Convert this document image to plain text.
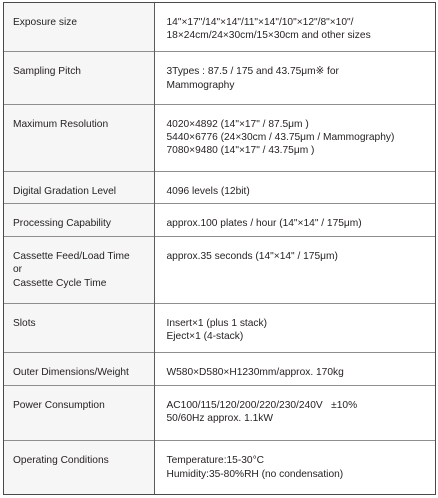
Exposure size	14"×17"/14"×14"/11"×14"/10"×12"/8"×10"/
18×24cm/24×30cm/15×30cm and other sizes

Sampling Pitch	3Types : 87.5 / 175 and 43.75μm※ for
Mammography

Maximum Resolution	4020×4892 (14"×17" / 87.5μm )
5440×6776 (24×30cm / 43.75μm / Mammography)
7080×9480 (14"×17" / 43.75μm )

Digital Gradation Level	4096 levels (12bit)

Processing Capability	approx.100 plates / hour (14"×14" / 175μm)

Cassette Feed/Load Time
or
Cassette Cycle Time	approx.35 seconds (14"×14" / 175μm)

Slots	Insert×1 (plus 1 stack)
Eject×1 (4-stack)

Outer Dimensions/Weight	W580×D580×H1230mm/approx. 170kg

Power Consumption	AC100/115/120/200/220/230/240V   ±10%
50/60Hz approx. 1.1kW

Operating Conditions	Temperature:15-30°C
Humidity:35-80%RH (no condensation)
